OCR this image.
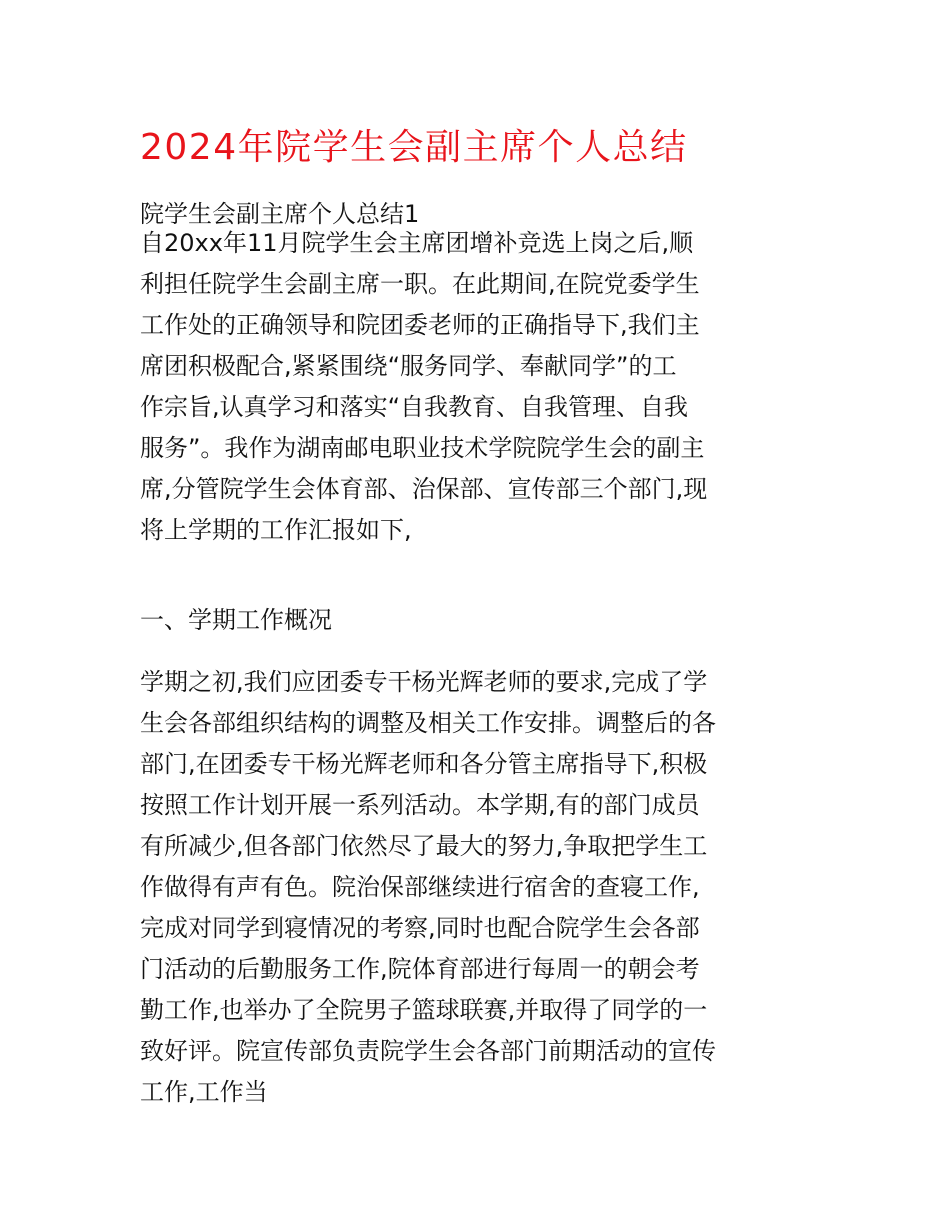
2024年院学生会副主席个人总结

院学生会副主席个人总结1

自20xx年11月院学生会主席团增补竞选上岗之后,顺
利担任院学生会副主席一职。在此期间,在院党委学生
工作处的正确领导和院团委老师的正确指导下,我们主
席团积极配合,紧紧围绕“服务同学、奉献同学”的工
作宗旨,认真学习和落实“自我教育、自我管理、自我
服务”。我作为湖南邮电职业技术学院院学生会的副主
席,分管院学生会体育部、治保部、宣传部三个部门,现
将上学期的工作汇报如下,

一、学期工作概况

学期之初,我们应团委专干杨光辉老师的要求,完成了学
生会各部组织结构的调整及相关工作安排。调整后的各
部门,在团委专干杨光辉老师和各分管主席指导下,积极
按照工作计划开展一系列活动。本学期,有的部门成员
有所减少,但各部门依然尽了最大的努力,争取把学生工
作做得有声有色。院治保部继续进行宿舍的查寝工作,
完成对同学到寝情况的考察,同时也配合院学生会各部
门活动的后勤服务工作,院体育部进行每周一的朝会考
勤工作,也举办了全院男子篮球联赛,并取得了同学的一
致好评。院宣传部负责院学生会各部门前期活动的宣传
工作,工作当
